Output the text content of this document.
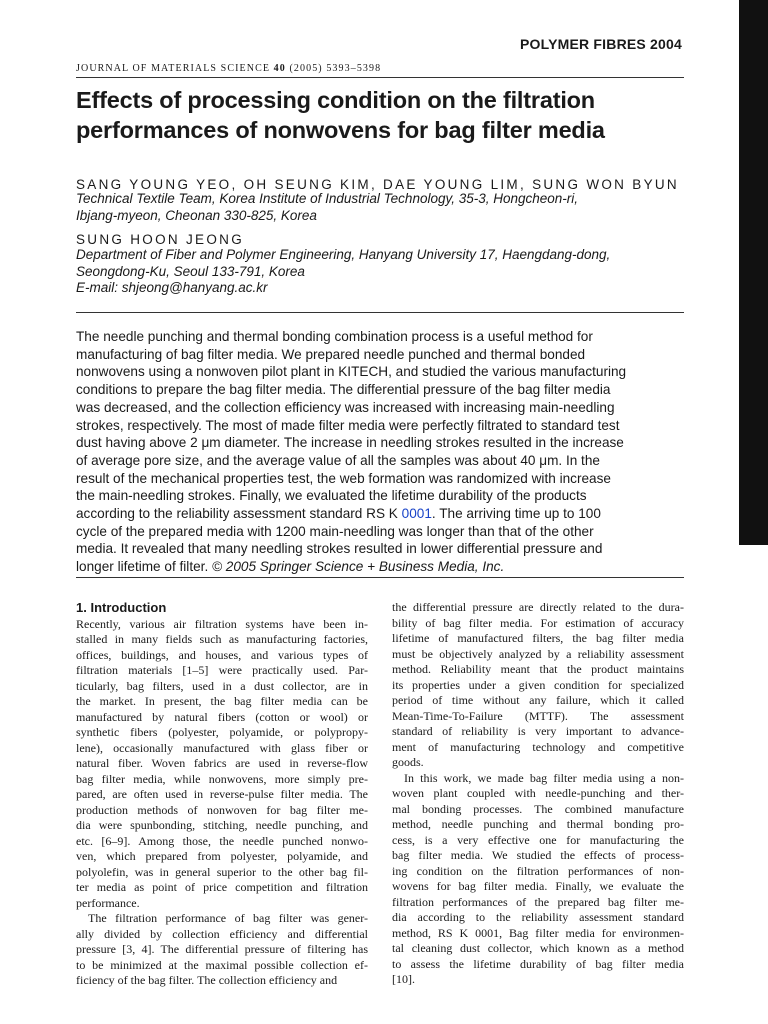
POLYMER FIBRES 2004
JOURNAL OF MATERIALS SCIENCE 40 (2005) 5393–5398
Effects of processing condition on the filtration
performances of nonwovens for bag filter media
SANG YOUNG YEO, OH SEUNG KIM, DAE YOUNG LIM, SUNG WON BYUN
Technical Textile Team, Korea Institute of Industrial Technology, 35-3, Hongcheon-ri,
Ibjang-myeon, Cheonan 330-825, Korea
SUNG HOON JEONG
Department of Fiber and Polymer Engineering, Hanyang University 17, Haengdang-dong,
Seongdong-Ku, Seoul 133-791, Korea
E-mail: shjeong@hanyang.ac.kr
The needle punching and thermal bonding combination process is a useful method for
manufacturing of bag filter media. We prepared needle punched and thermal bonded
nonwovens using a nonwoven pilot plant in KITECH, and studied the various manufacturing
conditions to prepare the bag filter media. The differential pressure of the bag filter media
was decreased, and the collection efficiency was increased with increasing main-needling
strokes, respectively. The most of made filter media were perfectly filtrated to standard test
dust having above 2 μm diameter. The increase in needling strokes resulted in the increase
of average pore size, and the average value of all the samples was about 40 μm. In the
result of the mechanical properties test, the web formation was randomized with increase
the main-needling strokes. Finally, we evaluated the lifetime durability of the products
according to the reliability assessment standard RS K 0001. The arriving time up to 100
cycle of the prepared media with 1200 main-needling was longer than that of the other
media. It revealed that many needling strokes resulted in lower differential pressure and
longer lifetime of filter. © 2005 Springer Science + Business Media, Inc.
1. Introduction
Recently, various air filtration systems have been in-
stalled in many fields such as manufacturing factories,
offices, buildings, and houses, and various types of
filtration materials [1–5] were practically used. Par-
ticularly, bag filters, used in a dust collector, are in
the market. In present, the bag filter media can be
manufactured by natural fibers (cotton or wool) or
synthetic fibers (polyester, polyamide, or polypropy-
lene), occasionally manufactured with glass fiber or
natural fiber. Woven fabrics are used in reverse-flow
bag filter media, while nonwovens, more simply pre-
pared, are often used in reverse-pulse filter media. The
production methods of nonwoven for bag filter me-
dia were spunbonding, stitching, needle punching, and
etc. [6–9]. Among those, the needle punched nonwo-
ven, which prepared from polyester, polyamide, and
polyolefin, was in general superior to the other bag fil-
ter media as point of price competition and filtration
performance.
The filtration performance of bag filter was gener-
ally divided by collection efficiency and differential
pressure [3, 4]. The differential pressure of filtering has
to be minimized at the maximal possible collection ef-
ficiency of the bag filter. The collection efficiency and
the differential pressure are directly related to the dura-
bility of bag filter media. For estimation of accuracy
lifetime of manufactured filters, the bag filter media
must be objectively analyzed by a reliability assessment
method. Reliability meant that the product maintains
its properties under a given condition for specialized
period of time without any failure, which it called
Mean-Time-To-Failure (MTTF). The assessment
standard of reliability is very important to advance-
ment of manufacturing technology and competitive
goods.
In this work, we made bag filter media using a non-
woven plant coupled with needle-punching and ther-
mal bonding processes. The combined manufacture
method, needle punching and thermal bonding pro-
cess, is a very effective one for manufacturing the
bag filter media. We studied the effects of process-
ing condition on the filtration performances of non-
wovens for bag filter media. Finally, we evaluate the
filtration performances of the prepared bag filter me-
dia according to the reliability assessment standard
method, RS K 0001, Bag filter media for environmen-
tal cleaning dust collector, which known as a method
to assess the lifetime durability of bag filter media
[10].
